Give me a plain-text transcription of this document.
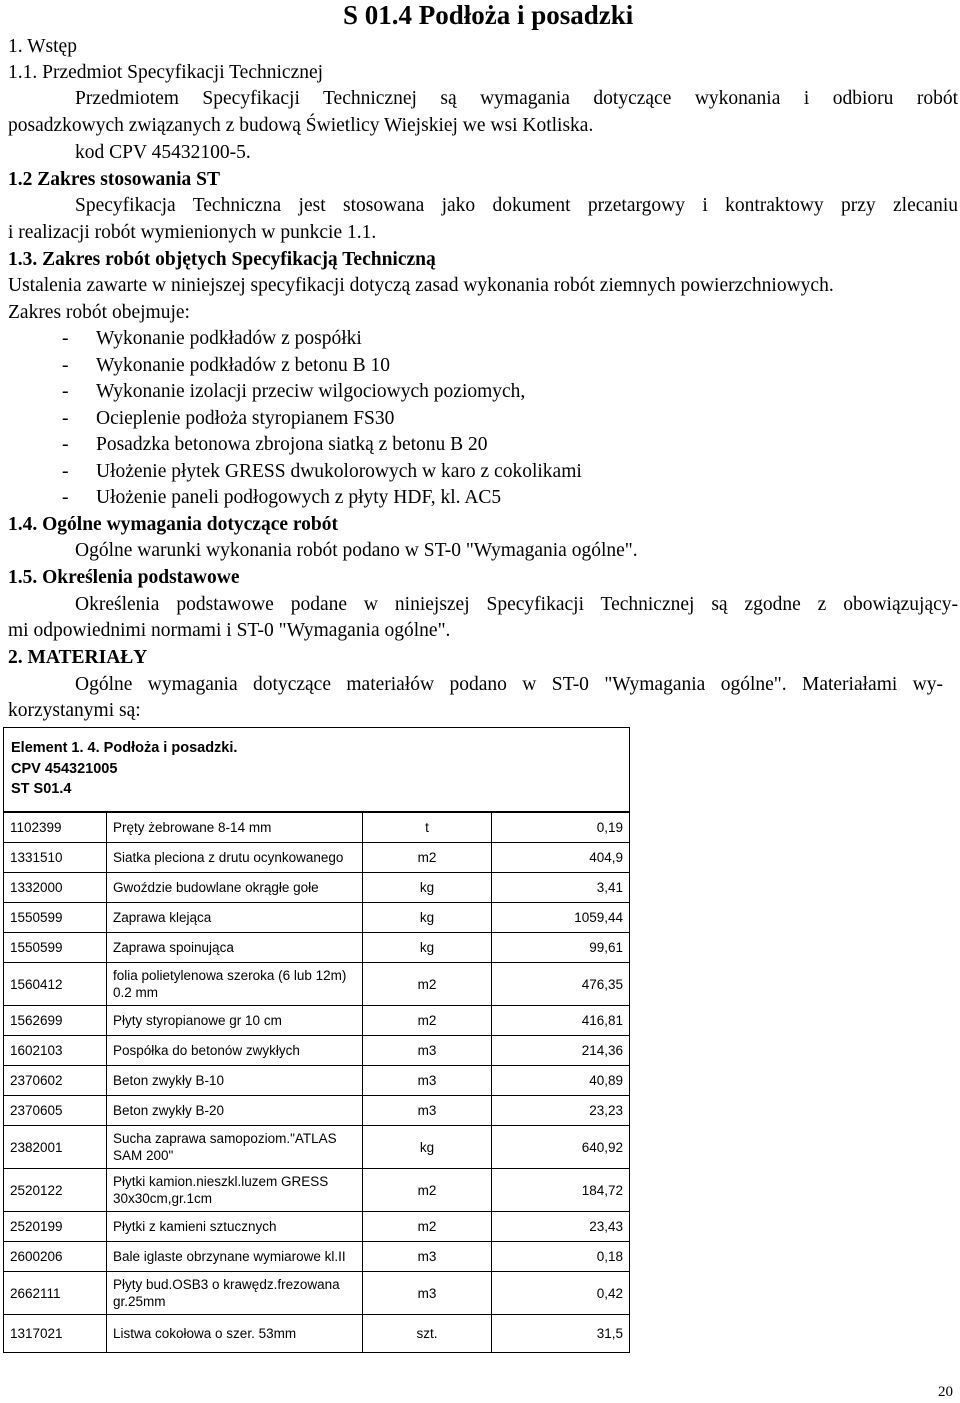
S 01.4 Podłoża i posadzki
1. Wstęp
1.1. Przedmiot Specyfikacji Technicznej
Przedmiotem Specyfikacji Technicznej są wymagania dotyczące wykonania i odbioru robót
posadzkowych związanych z budową Świetlicy Wiejskiej we wsi Kotliska.
kod CPV 45432100-5.
1.2 Zakres stosowania ST
Specyfikacja Techniczna jest stosowana jako dokument przetargowy i kontraktowy przy zlecaniu
i realizacji robót wymienionych w punkcie 1.1.
1.3. Zakres robót objętych Specyfikacją Techniczną
Ustalenia zawarte w niniejszej specyfikacji dotyczą zasad wykonania robót ziemnych powierzchniowych.
Zakres robót obejmuje:
- Wykonanie podkładów z pospółki
- Wykonanie podkładów z betonu B 10
- Wykonanie izolacji przeciw wilgociowych poziomych,
- Ocieplenie podłoża styropianem FS30
- Posadzka betonowa zbrojona siatką z betonu B 20
- Ułożenie płytek GRESS dwukolorowych w karo z cokolikami
- Ułożenie paneli podłogowych z płyty HDF, kl. AC5
1.4. Ogólne wymagania dotyczące robót
Ogólne warunki wykonania robót podano w ST-0 "Wymagania ogólne".
1.5. Określenia podstawowe
Określenia podstawowe podane w niniejszej Specyfikacji Technicznej są zgodne z obowiązujący-
mi odpowiednimi normami i ST-0 "Wymagania ogólne".
2. MATERIAŁY
Ogólne wymagania dotyczące materiałów podano w ST-0 "Wymagania ogólne". Materiałami wy-
korzystanymi są:
Element 1. 4. Podłoża i posadzki.
CPV 454321005
ST S01.4
1102399	Pręty żebrowane 8-14 mm	t	0,19
1331510	Siatka pleciona z drutu ocynkowanego	m2	404,9
1332000	Gwoździe budowlane okrągłe gołe	kg	3,41
1550599	Zaprawa klejąca	kg	1059,44
1550599	Zaprawa spoinująca	kg	99,61
1560412	folia polietylenowa szeroka (6 lub 12m) 0.2 mm	m2	476,35
1562699	Płyty styropianowe gr 10 cm	m2	416,81
1602103	Pospółka do betonów zwykłych	m3	214,36
2370602	Beton zwykły B-10	m3	40,89
2370605	Beton zwykły B-20	m3	23,23
2382001	Sucha zaprawa samopoziom."ATLAS SAM 200"	kg	640,92
2520122	Płytki kamion.nieszkl.luzem GRESS 30x30cm,gr.1cm	m2	184,72
2520199	Płytki z kamieni sztucznych	m2	23,43
2600206	Bale iglaste obrzynane wymiarowe kl.II	m3	0,18
2662111	Płyty bud.OSB3 o krawędz.frezowana gr.25mm	m3	0,42
1317021	Listwa cokołowa o szer. 53mm	szt.	31,5
20
